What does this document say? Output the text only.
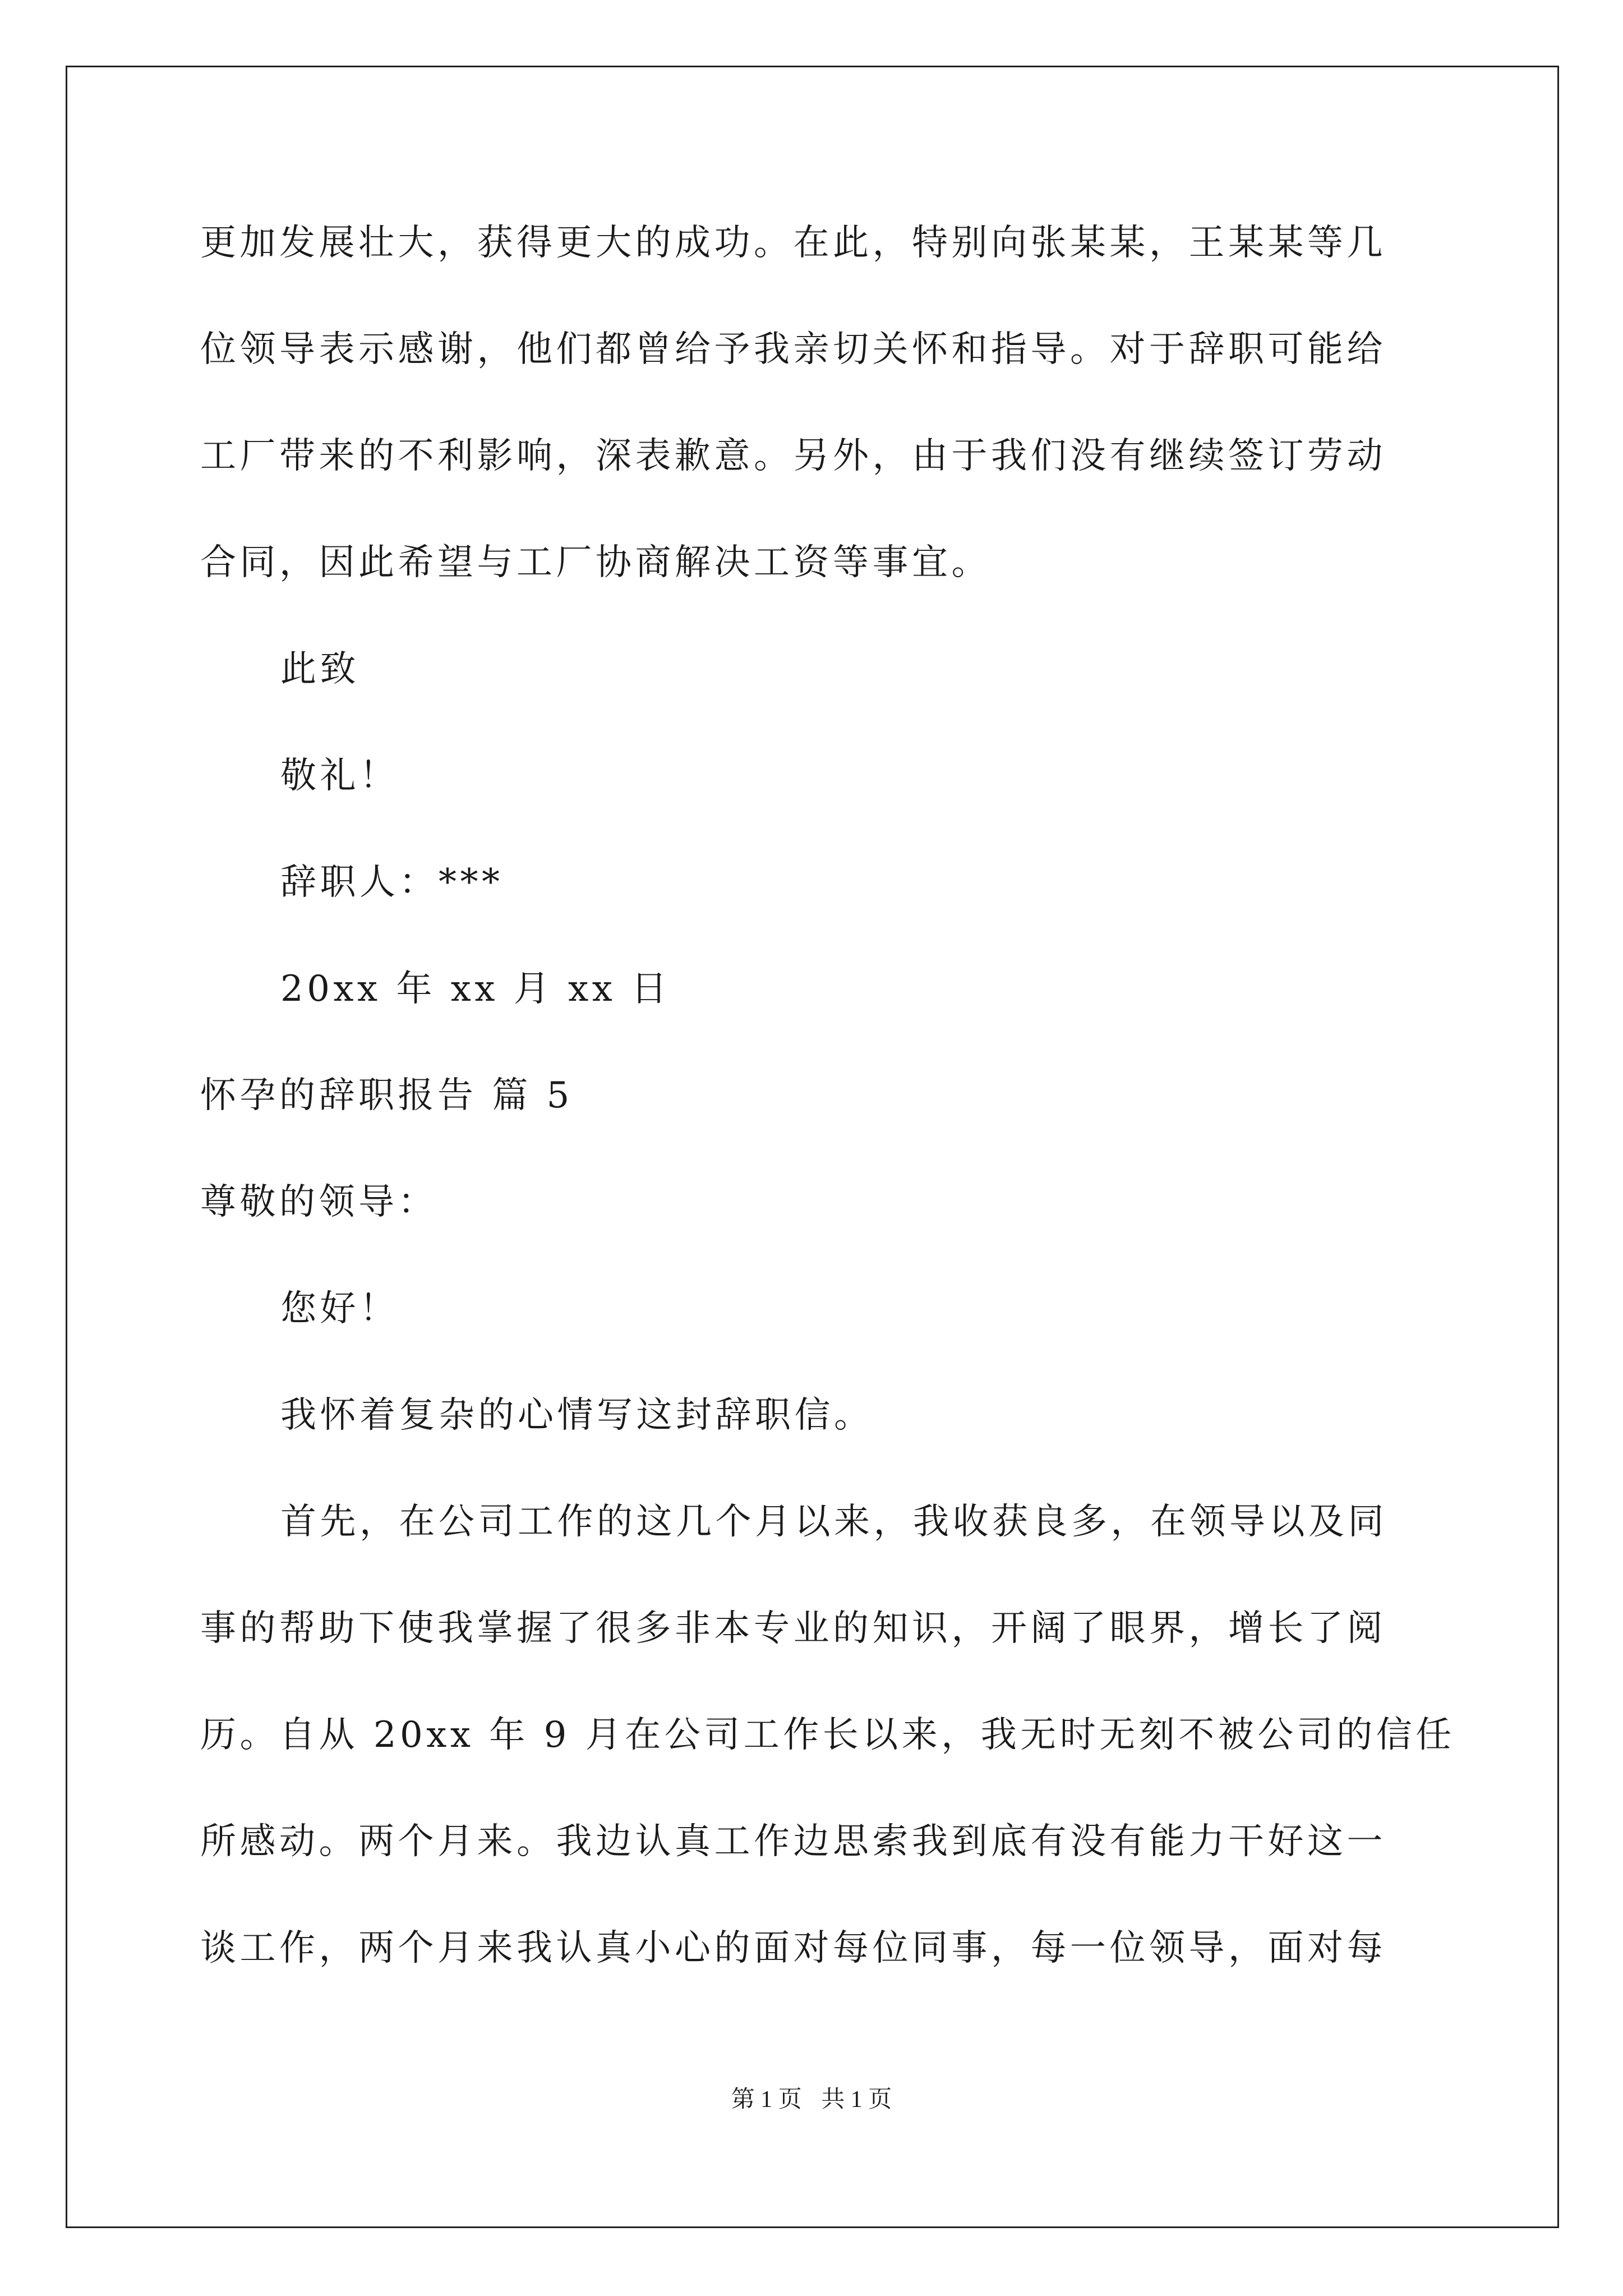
更加发展壮大，获得更大的成功。在此，特别向张某某，王某某等几
位领导表示感谢，他们都曾给予我亲切关怀和指导。对于辞职可能给
工厂带来的不利影响，深表歉意。另外，由于我们没有继续签订劳动
合同，因此希望与工厂协商解决工资等事宜。
此致
敬礼！
辞职人：***
20xx 年 xx 月 xx 日
怀孕的辞职报告 篇 5
尊敬的领导：
您好！
我怀着复杂的心情写这封辞职信。
首先，在公司工作的这几个月以来，我收获良多，在领导以及同
事的帮助下使我掌握了很多非本专业的知识，开阔了眼界，增长了阅
历。自从 20xx 年 9 月在公司工作长以来，我无时无刻不被公司的信任
所感动。两个月来。我边认真工作边思索我到底有没有能力干好这一
谈工作，两个月来我认真小心的面对每位同事，每一位领导，面对每
第 1 页 共 1 页
